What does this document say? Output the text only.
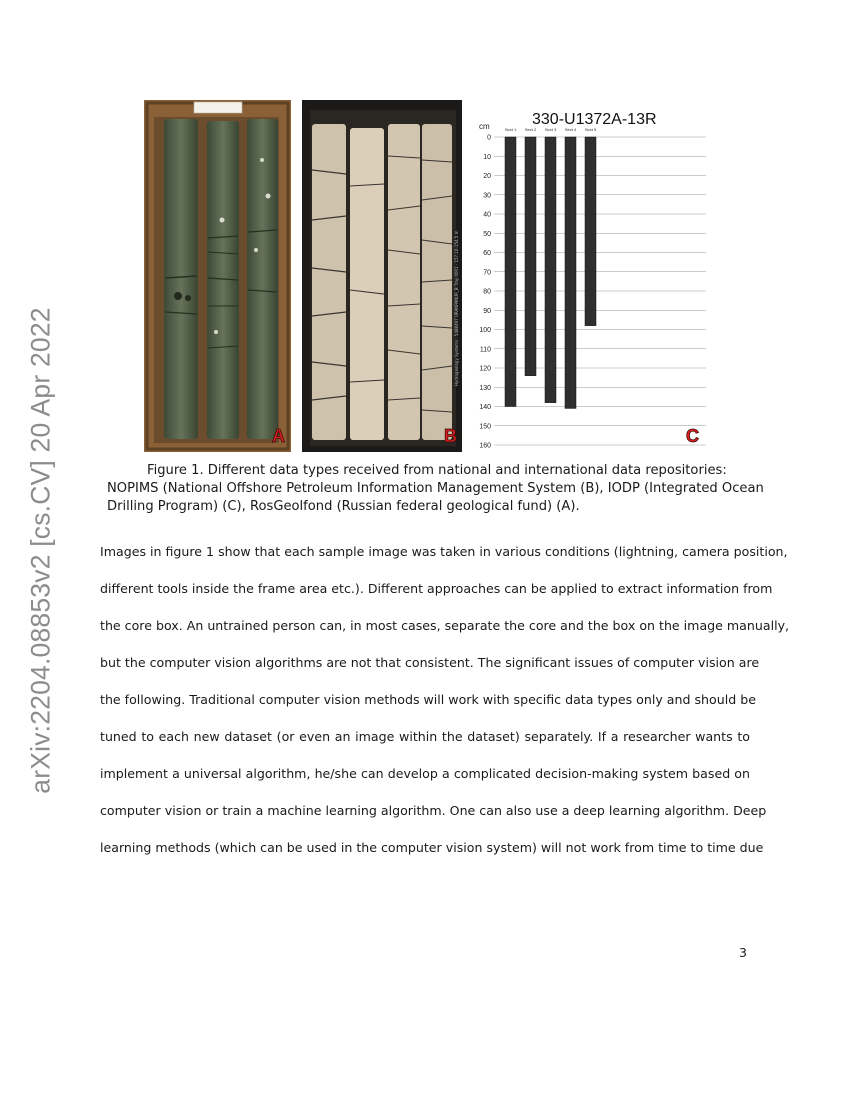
arXiv:2204.08853v2 [cs.CV] 20 Apr 2022	A
Hydrogeology Systems · 5488497 URANPANUR_B Tray 0001 · 157.10-154.5 m
B
330-U1372A-13R
cm
0
10
20
30
40
50
60
70
80
90
100
110
120
130
140
150
160
Sect 1 Sect 2 Sect 3 Sect 4 Sect 5
C
Figure 1. Different data types received from national and international data repositories:
NOPIMS (National Offshore Petroleum Information Management System (B), IODP (Integrated Ocean
Drilling Program) (C), RosGeolfond (Russian federal geological fund) (A).
Images in figure 1 show that each sample image was taken in various conditions (lightning, camera position,
different tools inside the frame area etc.). Different approaches can be applied to extract information from
the core box. An untrained person can, in most cases, separate the core and the box on the image manually,
but the computer vision algorithms are not that consistent. The significant issues of computer vision are
the following. Traditional computer vision methods will work with specific data types only and should be
tuned to each new dataset (or even an image within the dataset) separately. If a researcher wants to
implement a universal algorithm, he/she can develop a complicated decision-making system based on
computer vision or train a machine learning algorithm. One can also use a deep learning algorithm. Deep
learning methods (which can be used in the computer vision system) will not work from time to time due
3
